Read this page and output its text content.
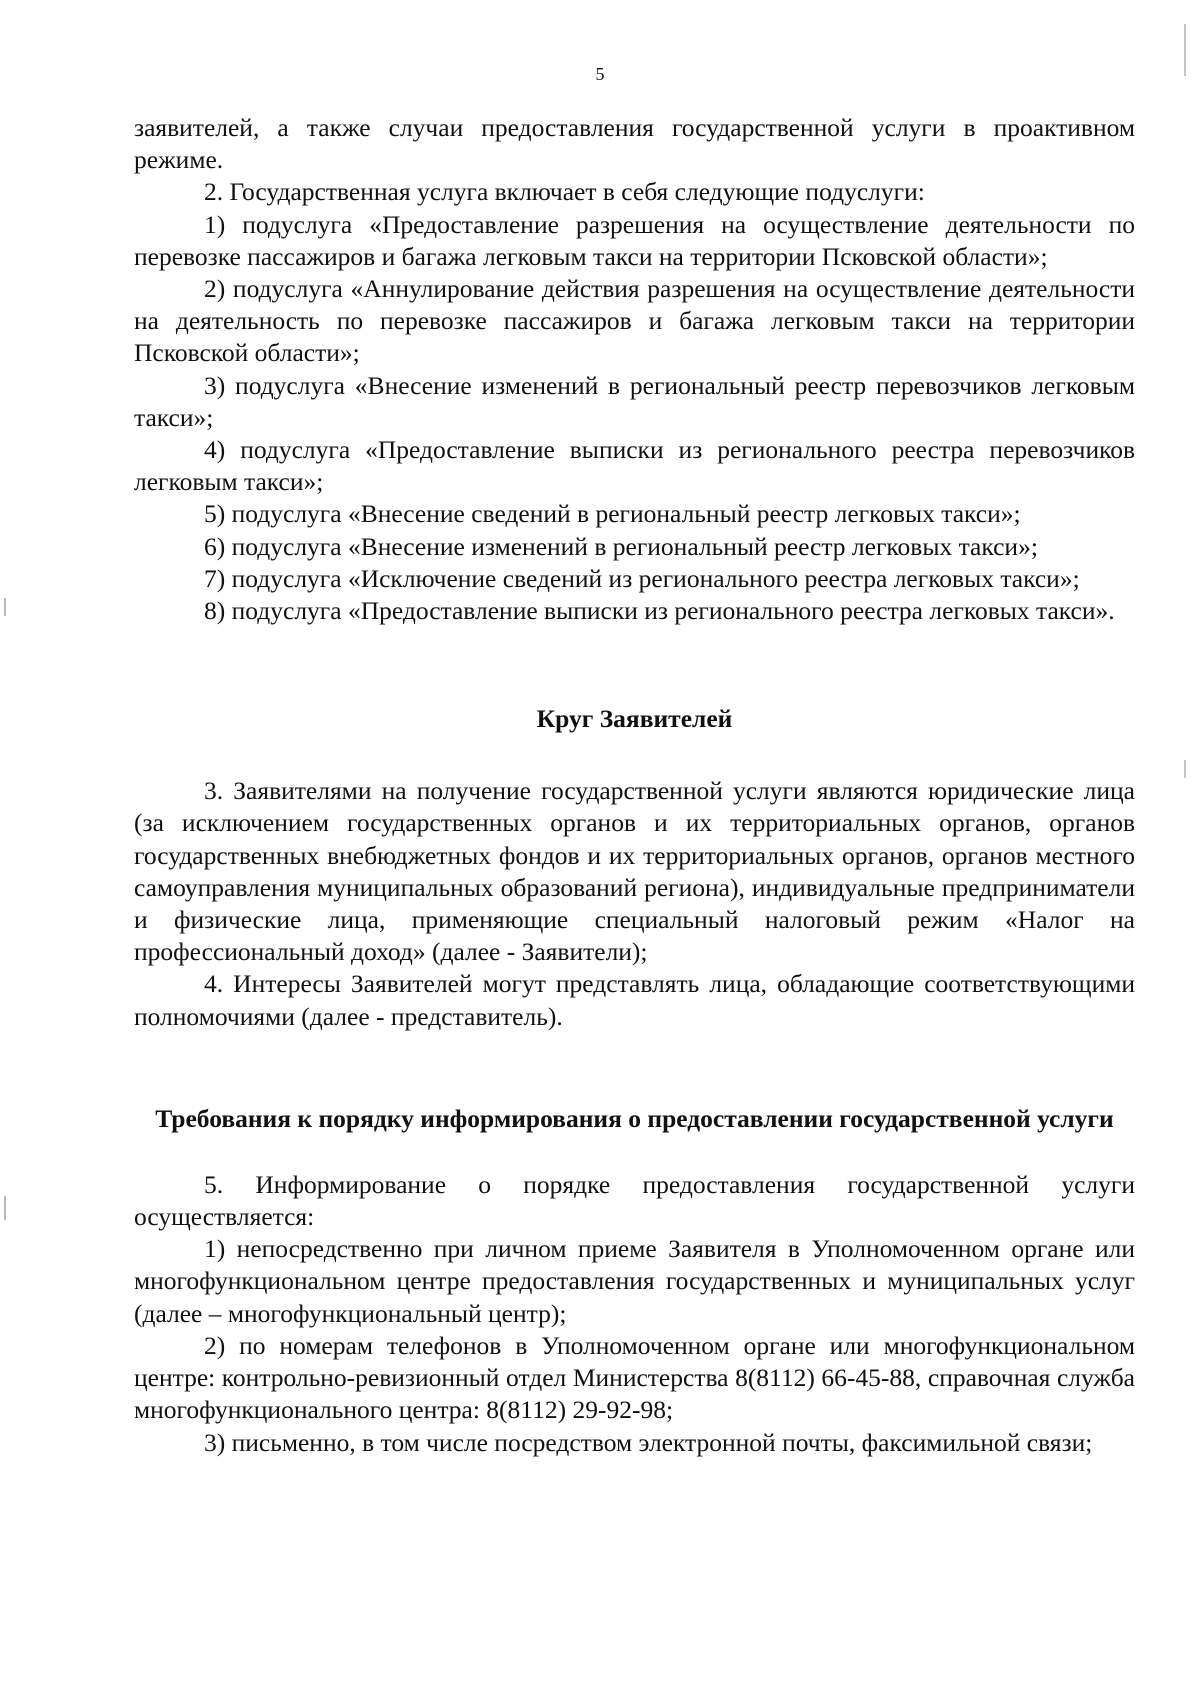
5

заявителей, а также случаи предоставления государственной услуги в проактивном режиме.

2. Государственная услуга включает в себя следующие подуслуги:

1) подуслуга «Предоставление разрешения на осуществление деятельности по перевозке пассажиров и багажа легковым такси на территории Псковской области»;

2) подуслуга «Аннулирование действия разрешения на осуществление деятельности на деятельность по перевозке пассажиров и багажа легковым такси на территории Псковской области»;

3) подуслуга «Внесение изменений в региональный реестр перевозчиков легковым такси»;

4) подуслуга «Предоставление выписки из регионального реестра перевозчиков легковым такси»;

5) подуслуга «Внесение сведений в региональный реестр легковых такси»;

6) подуслуга «Внесение изменений в региональный реестр легковых такси»;

7) подуслуга «Исключение сведений из регионального реестра легковых такси»;

8) подуслуга «Предоставление выписки из регионального реестра легковых такси».

Круг Заявителей

3. Заявителями на получение государственной услуги являются юридические лица (за исключением государственных органов и их территориальных органов, органов государственных внебюджетных фондов и их территориальных органов, органов местного самоуправления муниципальных образований региона), индивидуальные предприниматели и физические лица, применяющие специальный налоговый режим «Налог на профессиональный доход» (далее - Заявители);

4. Интересы Заявителей могут представлять лица, обладающие соответствующими полномочиями (далее - представитель).

Требования к порядку информирования о предоставлении государственной услуги

5. Информирование о порядке предоставления государственной услуги осуществляется:

1) непосредственно при личном приеме Заявителя в Уполномоченном органе или многофункциональном центре предоставления государственных и муниципальных услуг (далее – многофункциональный центр);

2) по номерам телефонов в Уполномоченном органе или многофункциональном центре: контрольно-ревизионный отдел Министерства 8(8112) 66-45-88, справочная служба многофункционального центра: 8(8112) 29-92-98;

3) письменно, в том числе посредством электронной почты, факсимильной связи;
